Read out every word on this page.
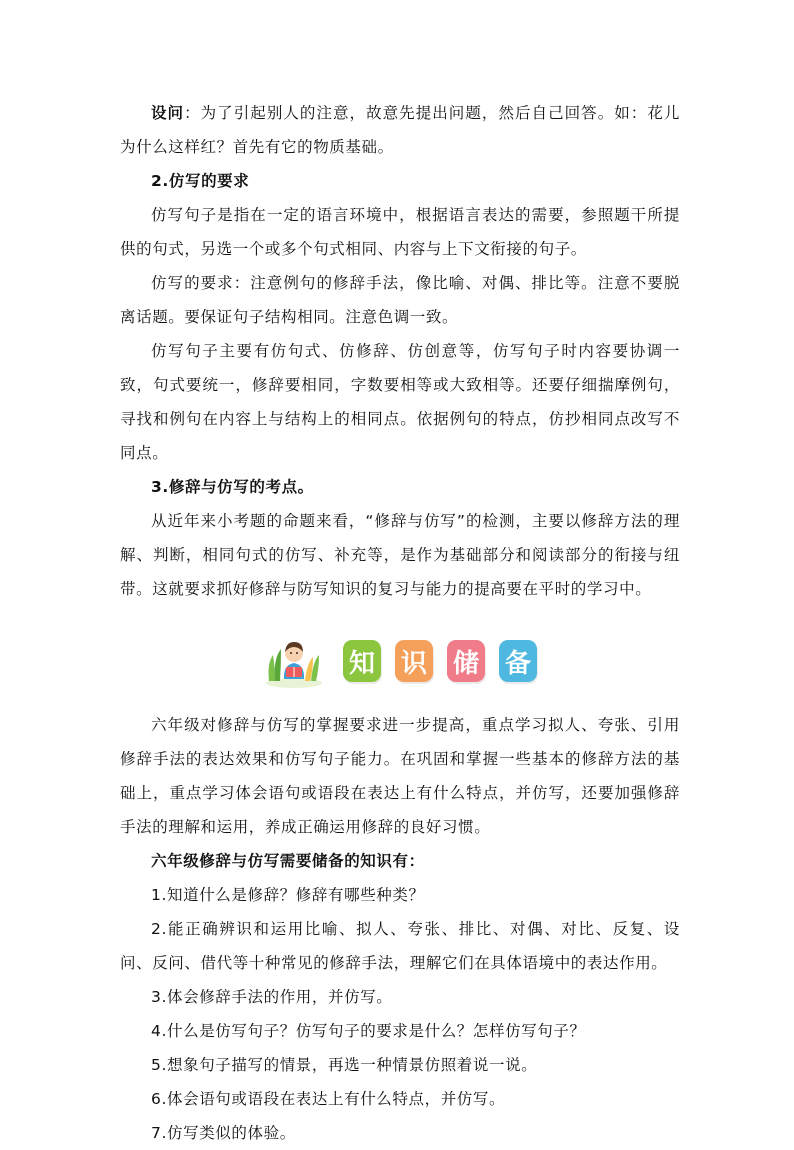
设问：为了引起别人的注意，故意先提出问题，然后自己回答。如：花儿为什么这样红？首先有它的物质基础。

2.仿写的要求

仿写句子是指在一定的语言环境中，根据语言表达的需要，参照题干所提供的句式，另选一个或多个句式相同、内容与上下文衔接的句子。

仿写的要求：注意例句的修辞手法，像比喻、对偶、排比等。注意不要脱离话题。要保证句子结构相同。注意色调一致。

仿写句子主要有仿句式、仿修辞、仿创意等，仿写句子时内容要协调一致，句式要统一，修辞要相同，字数要相等或大致相等。还要仔细揣摩例句，寻找和例句在内容上与结构上的相同点。依据例句的特点，仿抄相同点改写不同点。

3.修辞与仿写的考点。

从近年来小考题的命题来看，“修辞与仿写”的检测，主要以修辞方法的理解、判断，相同句式的仿写、补充等，是作为基础部分和阅读部分的衔接与纽带。这就要求抓好修辞与防写知识的复习与能力的提高要在平时的学习中。

知 识 储 备

六年级对修辞与仿写的掌握要求进一步提高，重点学习拟人、夸张、引用修辞手法的表达效果和仿写句子能力。在巩固和掌握一些基本的修辞方法的基础上，重点学习体会语句或语段在表达上有什么特点，并仿写，还要加强修辞手法的理解和运用，养成正确运用修辞的良好习惯。

六年级修辞与仿写需要储备的知识有：

1.知道什么是修辞？修辞有哪些种类？

2.能正确辨识和运用比喻、拟人、夸张、排比、对偶、对比、反复、设问、反问、借代等十种常见的修辞手法，理解它们在具体语境中的表达作用。

3.体会修辞手法的作用，并仿写。

4.什么是仿写句子？仿写句子的要求是什么？怎样仿写句子？

5.想象句子描写的情景，再选一种情景仿照着说一说。

6.体会语句或语段在表达上有什么特点，并仿写。

7.仿写类似的体验。
